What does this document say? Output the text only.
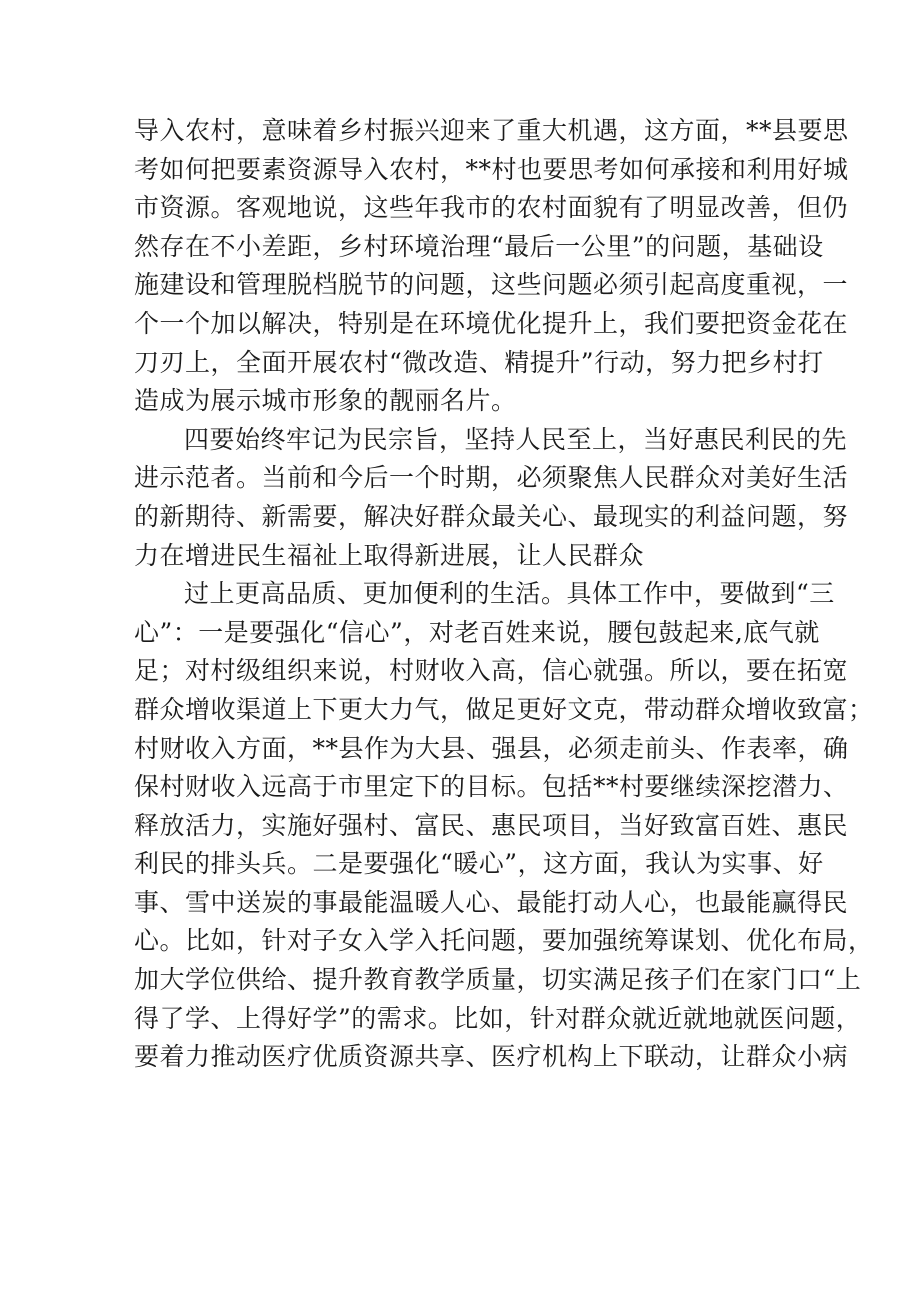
导入农村，意味着乡村振兴迎来了重大机遇，这方面，**县要思
考如何把要素资源导入农村，**村也要思考如何承接和利用好城
市资源。客观地说，这些年我市的农村面貌有了明显改善，但仍
然存在不小差距，乡村环境治理“最后一公里”的问题，基础设
施建设和管理脱档脱节的问题，这些问题必须引起高度重视，一
个一个加以解决，特别是在环境优化提升上，我们要把资金花在
刀刃上，全面开展农村“微改造、精提升”行动，努力把乡村打
造成为展示城市形象的靓丽名片。
四要始终牢记为民宗旨，坚持人民至上，当好惠民利民的先
进示范者。当前和今后一个时期，必须聚焦人民群众对美好生活
的新期待、新需要，解决好群众最关心、最现实的利益问题，努
力在增进民生福祉上取得新进展，让人民群众
过上更高品质、更加便利的生活。具体工作中，要做到“三
心”：一是要强化“信心”，对老百姓来说，腰包鼓起来,底气就
足；对村级组织来说，村财收入高，信心就强。所以，要在拓宽
群众增收渠道上下更大力气，做足更好文克，带动群众增收致富；
村财收入方面，**县作为大县、强县，必须走前头、作表率，确
保村财收入远高于市里定下的目标。包括**村要继续深挖潜力、
释放活力，实施好强村、富民、惠民项目，当好致富百姓、惠民
利民的排头兵。二是要强化“暖心”，这方面，我认为实事、好
事、雪中送炭的事最能温暖人心、最能打动人心，也最能赢得民
心。比如，针对子女入学入托问题，要加强统筹谋划、优化布局，
加大学位供给、提升教育教学质量，切实满足孩子们在家门口“上
得了学、上得好学”的需求。比如，针对群众就近就地就医问题，
要着力推动医疗优质资源共享、医疗机构上下联动，让群众小病
